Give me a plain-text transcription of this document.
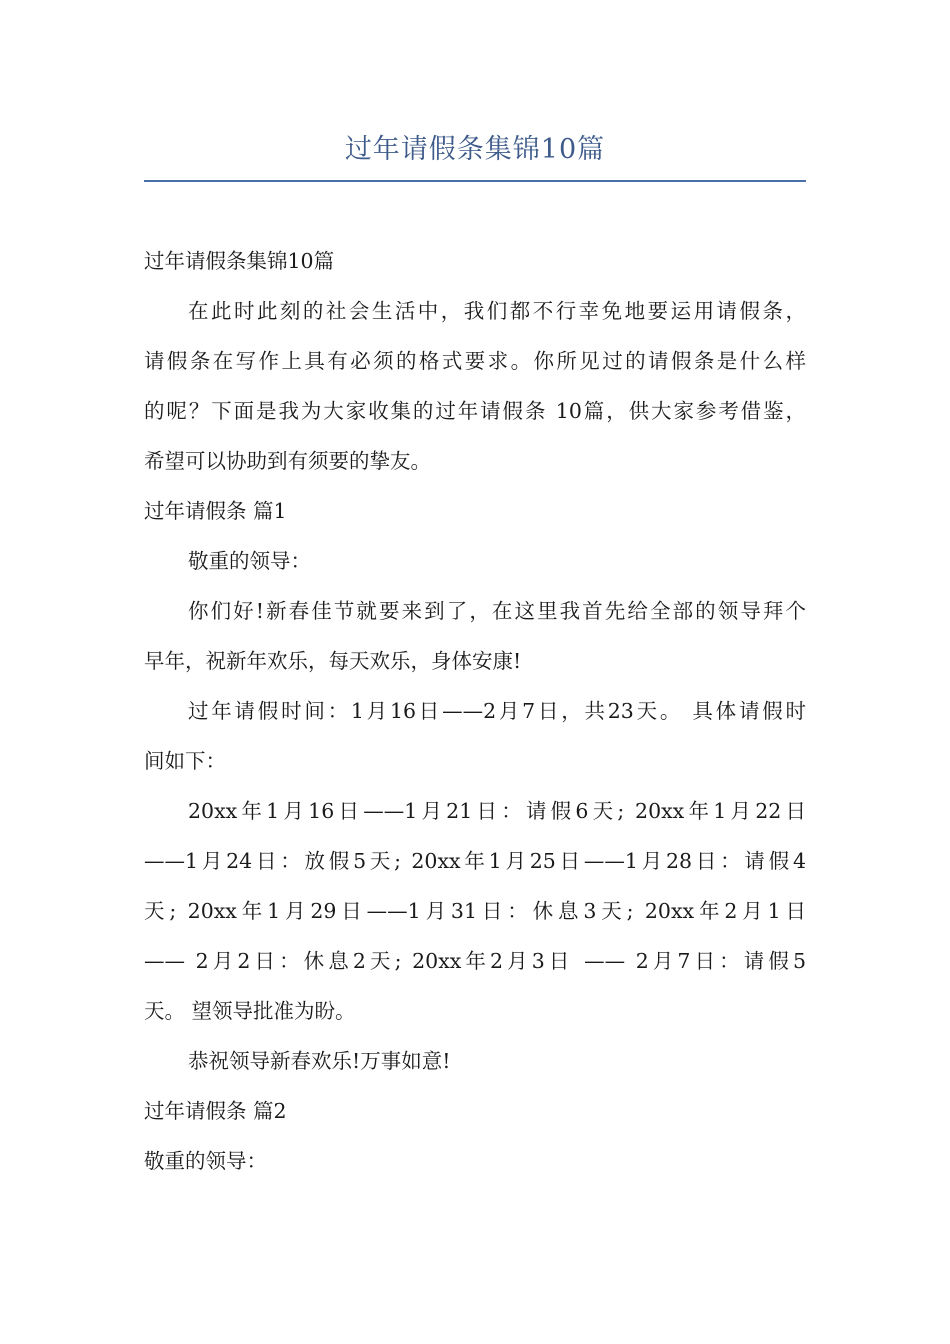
过年请假条集锦10篇
过年请假条集锦10篇
在此时此刻的社会生活中，我们都不行幸免地要运用请假条，
请假条在写作上具有必须的格式要求。你所见过的请假条是什么样
的呢？下面是我为大家收集的过年请假条 10篇，供大家参考借鉴，
希望可以协助到有须要的挚友。
过年请假条 篇1
敬重的领导：
你们好!新春佳节就要来到了，在这里我首先给全部的领导拜个
早年，祝新年欢乐，每天欢乐，身体安康!
过年请假时间：1月16日——2月7日，共23天。 具体请假时
间如下：
20xx年1月16日——1月21日：请假6天; 20xx年1月22日
——1月24日：放假5天; 20xx年1月25日——1月28日：请假4
天; 20xx年1月29日——1月31日：休息3天; 20xx年2月1日
—— 2月2日：休息2天; 20xx年2月3日 —— 2月7日：请假5
天。 望领导批准为盼。
恭祝领导新春欢乐!万事如意!
过年请假条 篇2
敬重的领导：
